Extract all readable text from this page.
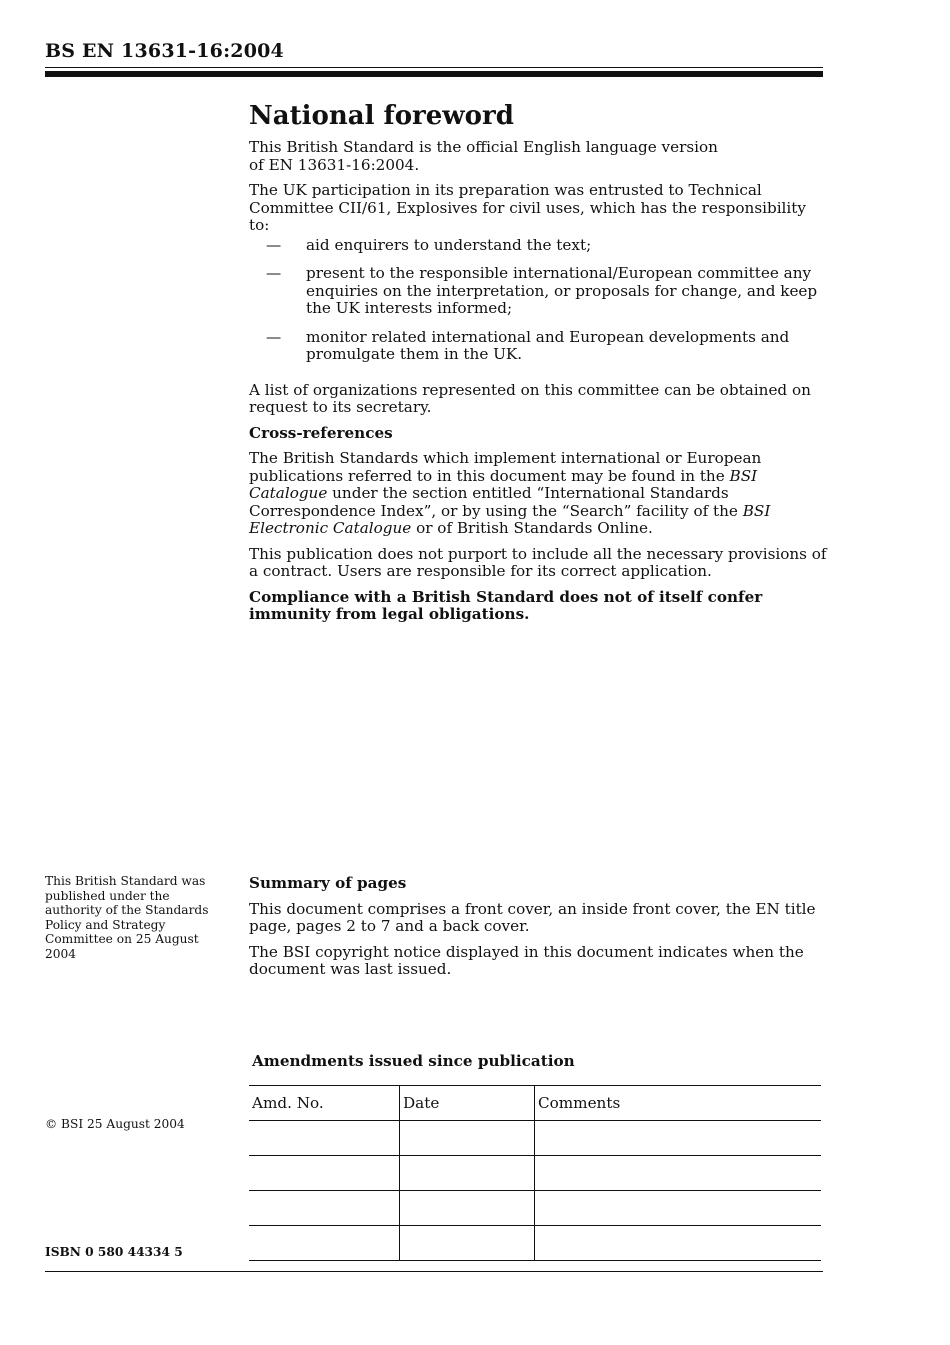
BS EN 13631-16:2004
National foreword

This British Standard is the official English language version
of EN 13631-16:2004.

The UK participation in its preparation was entrusted to Technical Committee CII/61, Explosives for civil uses, which has the responsibility to:

— aid enquirers to understand the text;
— present to the responsible international/European committee any enquiries on the interpretation, or proposals for change, and keep the UK interests informed;
— monitor related international and European developments and promulgate them in the UK.

A list of organizations represented on this committee can be obtained on request to its secretary.

Cross-references

The British Standards which implement international or European publications referred to in this document may be found in the BSI Catalogue under the section entitled “International Standards Correspondence Index”, or by using the “Search” facility of the BSI Electronic Catalogue or of British Standards Online.

This publication does not purport to include all the necessary provisions of a contract. Users are responsible for its correct application.

Compliance with a British Standard does not of itself confer immunity from legal obligations.

This British Standard was published under the authority of the Standards Policy and Strategy Committee on 25 August 2004

Summary of pages

This document comprises a front cover, an inside front cover, the EN title page, pages 2 to 7 and a back cover.

The BSI copyright notice displayed in this document indicates when the document was last issued.

Amendments issued since publication
Amd. No.	Date	Comments

© BSI 25 August 2004
ISBN 0 580 44334 5
